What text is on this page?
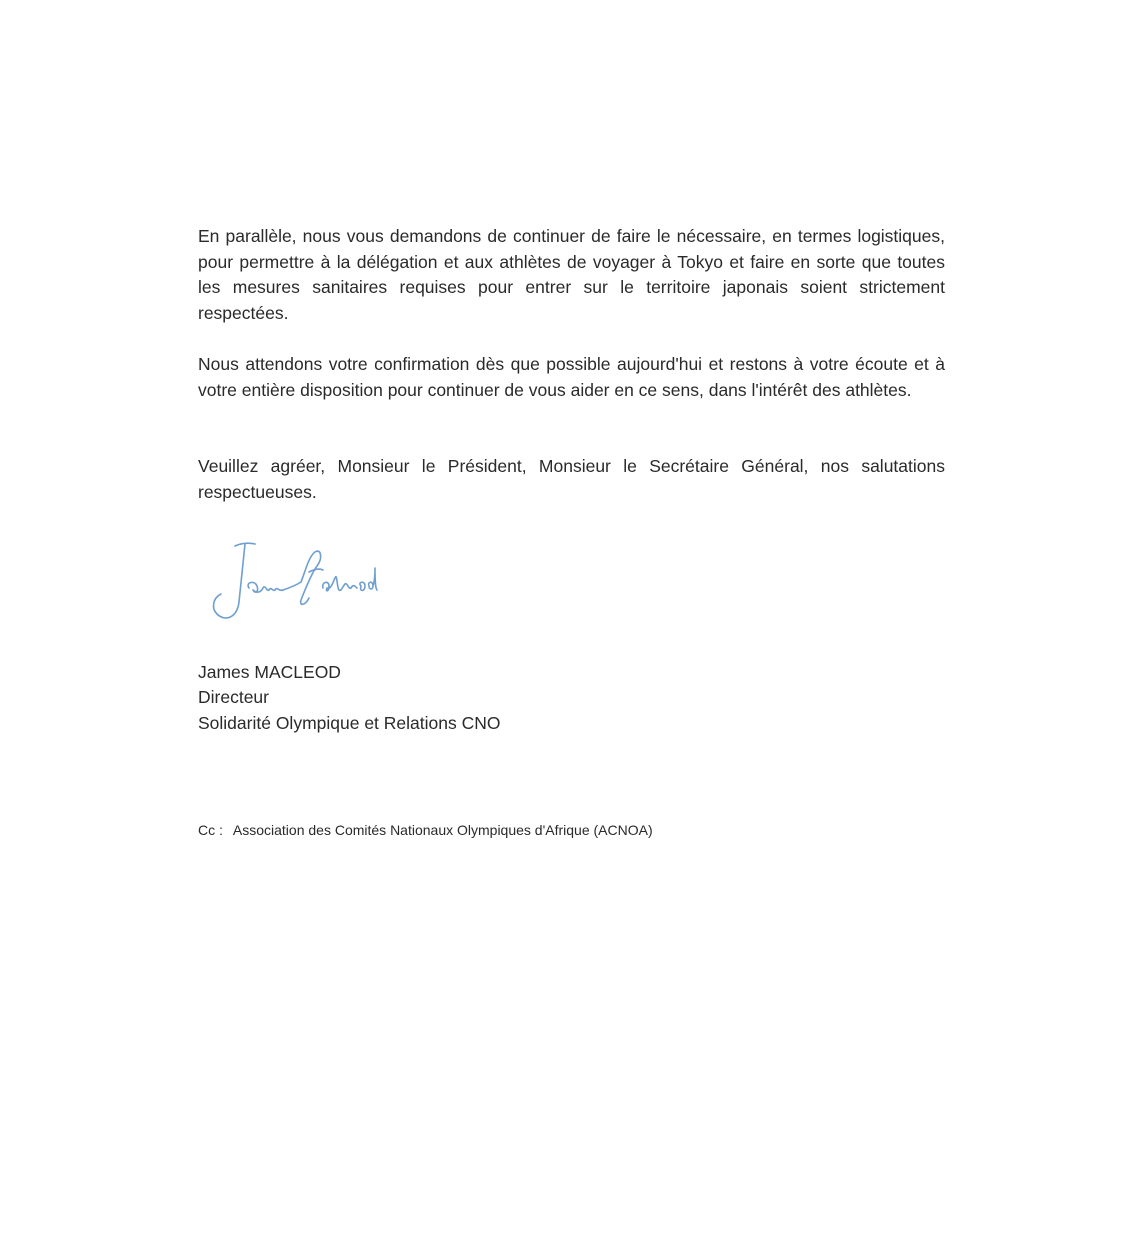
En parallèle, nous vous demandons de continuer de faire le nécessaire, en termes logistiques, pour permettre à la délégation et aux athlètes de voyager à Tokyo et faire en sorte que toutes les mesures sanitaires requises pour entrer sur le territoire japonais soient strictement respectées.

Nous attendons votre confirmation dès que possible aujourd'hui et restons à votre écoute et à votre entière disposition pour continuer de vous aider en ce sens, dans l'intérêt des athlètes.

Veuillez agréer, Monsieur le Président, Monsieur le Secrétaire Général, nos salutations respectueuses.

James MACLEOD

Directeur

Solidarité Olympique et Relations CNO

Cc : Association des Comités Nationaux Olympiques d'Afrique (ACNOA)
